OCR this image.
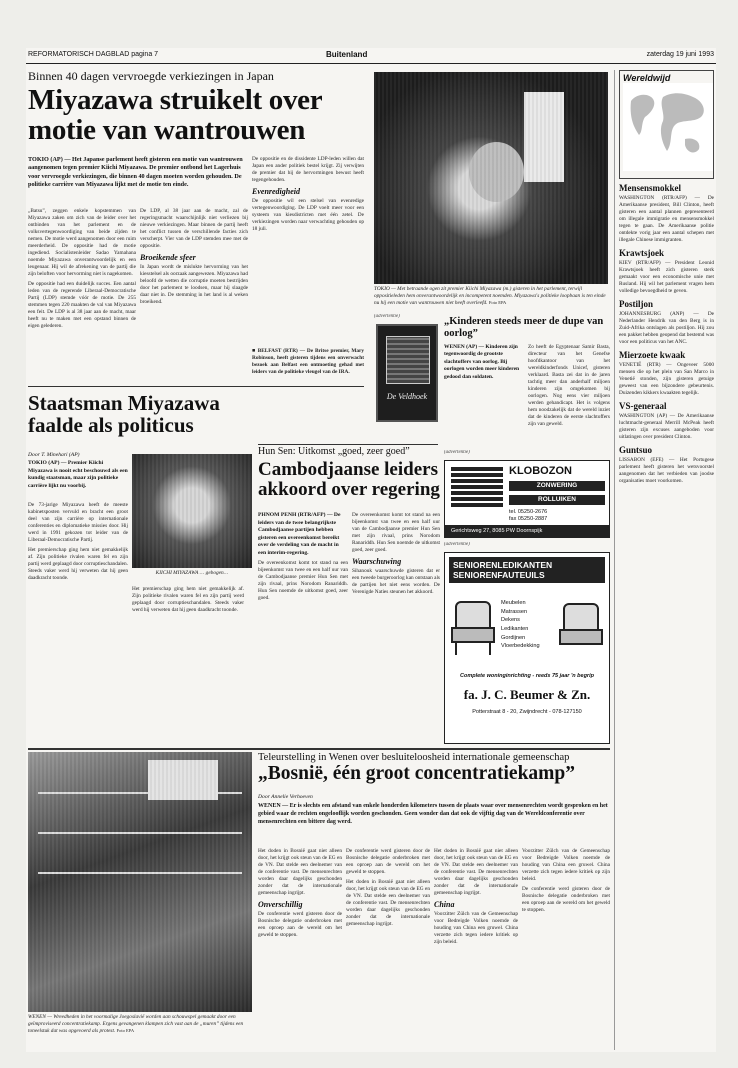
REFORMATORISCH DAGBLAD pagina 7	Buitenland	zaterdag 19 juni 1993
Binnen 40 dagen vervroegde verkiezingen in Japan
Miyazawa struikelt over motie van wantrouwen
TOKIO (AP) — Het Japanse parlement heeft gisteren een motie van wantrouwen aangenomen tegen premier Kiichi Miyazawa. De premier ontbond het Lagerhuis voor vervroegde verkiezingen, die binnen 40 dagen moeten worden gehouden. De politieke carrière van Miyazawa lijkt met de motie ten einde.

„Batsu”, zeggen enkele kopstemmen van Miyazawa zaken om zich van de leider over het ontbinden van het parlement en de volksvertegenwoordiging van beide zijden te nemen. De motie werd aangenomen door een ruim meerderheid. De oppositie had de motie ingediend. Socialistenleider Sadao Yamahana noemde Miyazawa onverantwoordelijk en een leugenaar. Hij wil de afrekening van de partij die zijn beloften voor hervorming niet is nagekomen.

De oppositie had een duidelijk succes. Een aantal leden van de regerende Liberaal-Democratische Partij (LDP) stemde vóór de motie. De 255 stemmen tegen 220 maakten de val van Miyazawa een feit. De LDP is al 38 jaar aan de macht, maar heeft nu te maken met een opstand binnen de eigen gelederen.

De LDP, al 38 jaar aan de macht, zal de regeringsmacht waarschijnlijk niet verliezen bij nieuwe verkiezingen. Maar binnen de partij heeft het conflict tussen de verschillende facties zich verscherpt. Vier van de LDP stemden mee met de oppositie.

Broeikende sfeer

In Japan wordt de mislukte hervorming van het kiesstelsel als oorzaak aangewezen. Miyazawa had beloofd de wetten die corruptie moeten bestrijden door het parlement te loodsen, maar hij slaagde daar niet in. De stemming in het land is al weken broeikend.

De oppositie en de dissidente LDP-leden willen dat Japan een ander politiek bestel krijgt. Zij verwijten de premier dat hij de hervormingen bewust heeft tegengehouden.

Evenredigheid

De oppositie wil een stelsel van evenredige vertegenwoordiging. De LDP voelt meer voor een systeem van kiesdistricten met één zetel. De verkiezingen worden naar verwachting gehouden op 18 juli.

TOKIO — Met betraande ogen zit premier Kiichi Miyazawa (m.) gisteren in het parlement, terwijl oppositieleden hem onverantwoordelijk en incompetent noemden. Miyazawa's politieke loopbaan is ten einde nu hij een motie van wantrouwen niet heeft overleefd. Foto EPA
Wereldwijd
Mensensmokkel

WASHINGTON (RTR/AFP) — De Amerikaanse president, Bill Clinton, heeft gisteren een aantal plannen gepresenteerd om illegale immigratie en mensensmokkel tegen te gaan. De Amerikaanse politie ontdekte vorig jaar een aantal schepen met illegale Chinese immigranten.

Krawtsjoek

KIEV (RTR/AFP) — President Leonid Krawtsjoek heeft zich gisteren sterk gemaakt voor een economische unie met Rusland. Hij wil het parlement vragen hem volledige bevoegdheid te geven.

Postiljon

JOHANNESBURG (ANP) — De Nederlander Hendrik van den Berg is in Zuid-Afrika ontslagen als postiljon. Hij zou een pakket hebben geopend dat bestemd was voor een politicus van het ANC.

Mierzoete kwaak

VENETIË (RTR) — Ongeveer 5000 mensen die op het plein van San Marco in Venetië stonden, zijn gisteren getuige geweest van een bijzondere gebeurtenis. Duizenden kikkers kwaakten tegelijk.

VS-generaal

WASHINGTON (AP) — De Amerikaanse luchtmacht-generaal Merrill McPeak heeft gisteren zijn excuses aangeboden voor uitlatingen over president Clinton.

Guntsuo

LISSABON (EFE) — Het Portugese parlement heeft gisteren het wetsvoorstel aangenomen dat het verbieden van joodse organisaties moet voorkomen.

■ BELFAST (RTR) — De Britse premier, Mary Robinson, heeft gisteren tijdens een onverwacht bezoek aan Belfast een ontmoeting gehad met leiders van de politieke vleugel van de IRA.

(advertentie)
De Veldhoek
„Kinderen steeds meer de dupe van oorlog”

WENEN (AP) — Kinderen zijn tegenwoordig de grootste slachtoffers van oorlog. Bij oorlogen worden meer kinderen gedood dan soldaten.

Zo heeft de Egyptenaar Samir Basta, directeur van het Genefse hoofdkantoor van het wereldkinderfonds Unicef, gisteren verklaard. Basta zei dat in de jaren tachtig meer dan anderhalf miljoen kinderen zijn omgekomen bij oorlogen. Nog eens vier miljoen werden gehandicapt. Het is volgens hem noodzakelijk dat de wereld inziet dat de kinderen de eerste slachtoffers zijn van geweld.

Staatsman Miyazawa faalde als politicus
Door T. Minehari (AP)
TOKIO (AP) — Premier Kiichi Miyazawa is nooit echt beschouwd als een kundig staatsman, maar zijn politieke carrière lijkt nu voorbij.

De 73-jarige Miyazawa heeft de meeste kabinetsposten vervuld en bracht een groot deel van zijn carrière op internationale conferenties en diplomatieke missies door. Hij werd in 1991 gekozen tot leider van de Liberaal-Democratische Partij.

Het premierschap ging hem niet gemakkelijk af. Zijn politieke rivalen waren fel en zijn partij werd geplaagd door corruptieschandalen. Steeds vaker werd hij verweten dat hij geen daadkracht toonde.

KIICHI MIYAZAWA … gebogen…

Het premierschap ging hem niet gemakkelijk af. Zijn politieke rivalen waren fel en zijn partij werd geplaagd door corruptieschandalen. Steeds vaker werd hij verweten dat hij geen daadkracht toonde.

Hun Sen: Uitkomst „goed, zeer goed”
Cambodjaanse leiders akkoord over regering

PHNOM PENH (RTR/AFP) — De leiders van de twee belangrijkste Cambodjaanse partijen hebben gisteren een overeenkomst bereikt over de verdeling van de macht in een interim-regering.

De overeenkomst komt tot stand na een bijeenkomst van twee en een half uur van de Cambodjaanse premier Hun Sen met zijn rivaal, prins Norodom Ranariddh. Hun Sen noemde de uitkomst goed, zeer goed.

De overeenkomst komt tot stand na een bijeenkomst van twee en een half uur van de Cambodjaanse premier Hun Sen met zijn rivaal, prins Norodom Ranariddh. Hun Sen noemde de uitkomst goed, zeer goed.

Waarschuwing

Sihanouk waarschuwde gisteren dat er een tweede burgeroorlog kan ontstaan als de partijen het niet eens worden. De Verenigde Naties steunen het akkoord.

(advertentie)
KLOBOZON
ZONWERING
ROLLUIKEN
tel. 05250-2676
fax 05250-2887
Gerichtsweg 27, 8085 PW Doornspijk
(advertentie)
SENIORENLEDIKANTEN
SENIORENFAUTEUILS
Meubelen
Matrassen
Dekens
Ledikanten
Gordijnen
Vloerbedekking
Complete woninginrichting - reeds 75 jaar 'n begrip
fa. J. C. Beumer & Zn.
Potterstraat 8 - 20, Zwijndrecht - 078-127150
Teleurstelling in Wenen over besluiteloosheid internationale gemeenschap
„Bosnië, één groot concentratiekamp”
Door Annelie Verhoeven
WENEN — Er is slechts een afstand van enkele honderden kilometers tussen de plaats waar over mensenrechten wordt gesproken en het gebied waar de rechten ongelooflijk worden geschonden. Geen wonder dan dat ook de vijftig dag van de Wereldconferentie over mensenrechten een bittere dag werd.

Het doden in Bosnië gaat niet alleen door, het krijgt ook steun van de EG en de VN. Dat stelde een deelnemer van de conferentie vast. De mensenrechten worden daar dagelijks geschonden zonder dat de internationale gemeenschap ingrijpt.

Onverschillig

De conferentie werd gisteren door de Bosnische delegatie onderbroken met een oproep aan de wereld om het geweld te stoppen.

De conferentie werd gisteren door de Bosnische delegatie onderbroken met een oproep aan de wereld om het geweld te stoppen.

Het doden in Bosnië gaat niet alleen door, het krijgt ook steun van de EG en de VN. Dat stelde een deelnemer van de conferentie vast. De mensenrechten worden daar dagelijks geschonden zonder dat de internationale gemeenschap ingrijpt.

Het doden in Bosnië gaat niet alleen door, het krijgt ook steun van de EG en de VN. Dat stelde een deelnemer van de conferentie vast. De mensenrechten worden daar dagelijks geschonden zonder dat de internationale gemeenschap ingrijpt.

China

Voorzitter Zülch van de Gemeenschap voor Bedreigde Volken noemde de houding van China een gruwel. China verzette zich tegen iedere kritiek op zijn beleid.

Voorzitter Zülch van de Gemeenschap voor Bedreigde Volken noemde de houding van China een gruwel. China verzette zich tegen iedere kritiek op zijn beleid.

De conferentie werd gisteren door de Bosnische delegatie onderbroken met een oproep aan de wereld om het geweld te stoppen.

WENEN — Wreedheden in het voormalige Joegoslavië worden aan schouwspel gemaakt door een geïmproviseerd concentratiekamp. Ergens gevangenen klampen zich vast aan de „muren” tijdens een toneelstuk dat was opgevoerd als protest. Foto EPA
